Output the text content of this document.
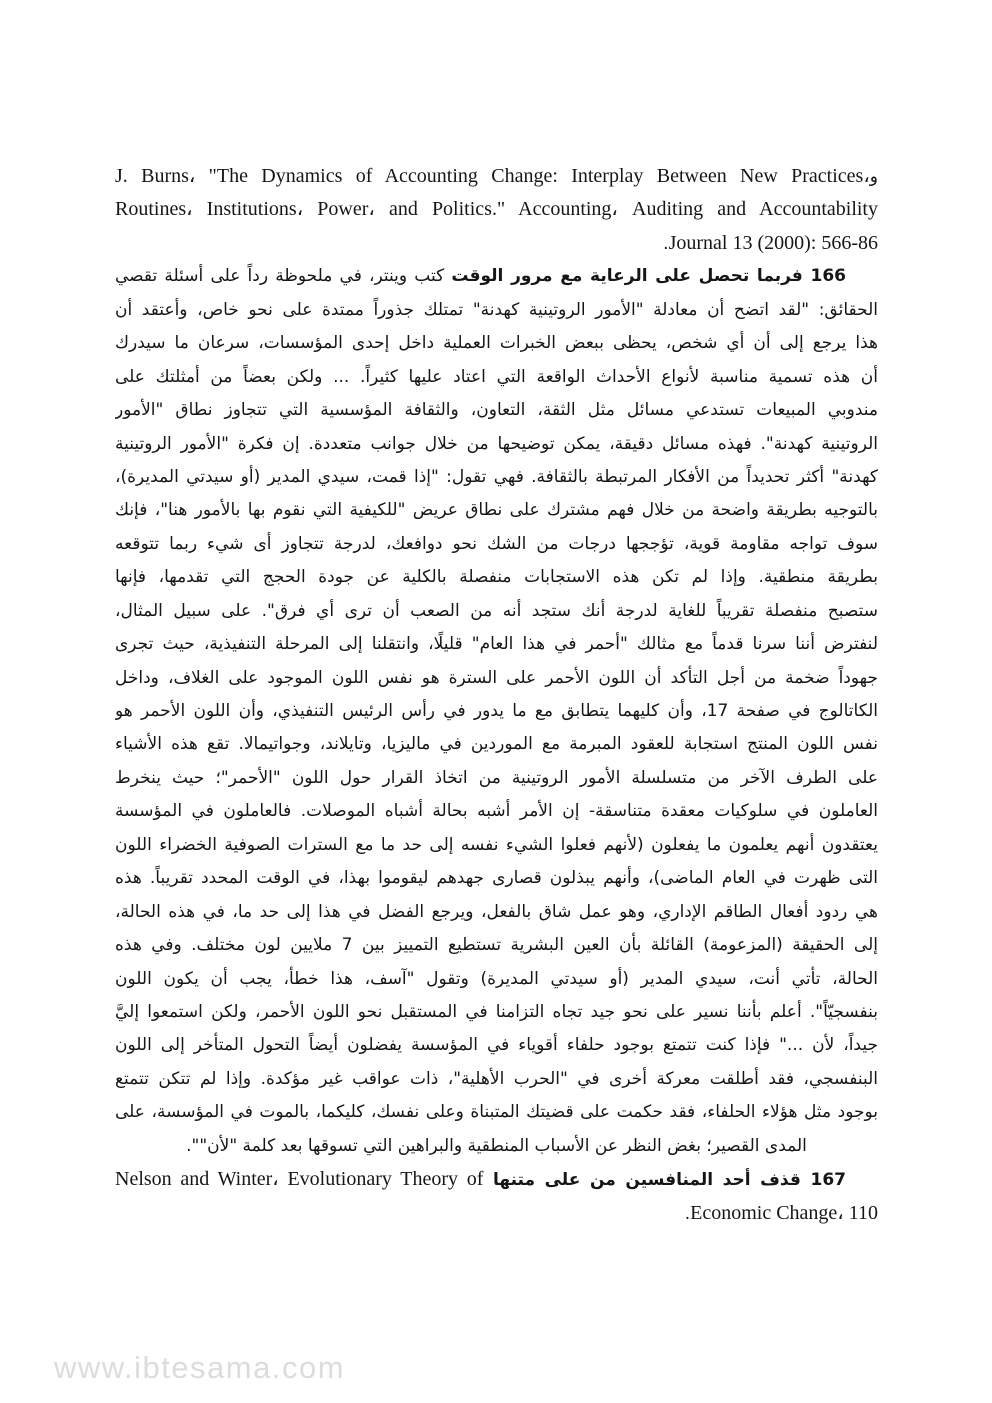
وJ. Burns، "The Dynamics of Accounting Change: Interplay Between New Practices،
Routines، Institutions، Power، and Politics." Accounting، Auditing and Accountability
Journal 13 (2000): 566-86.
166 فربما تحصل على الرعاية مع مرور الوقت كتب وينتر، في ملحوظة رداً على أسئلة تقصي
الحقائق: "لقد اتضح أن معادلة "الأمور الروتينية كهدنة" تمتلك جذوراً ممتدة على نحو خاص، وأعتقد أن
هذا يرجع إلى أن أي شخص، يحظى ببعض الخبرات العملية داخل إحدى المؤسسات، سرعان ما سيدرك
أن هذه تسمية مناسبة لأنواع الأحداث الواقعة التي اعتاد عليها كثيراً. ... ولكن بعضاً من أمثلتك على
مندوبي المبيعات تستدعي مسائل مثل الثقة، التعاون، والثقافة المؤسسية التي تتجاوز نطاق "الأمور
الروتينية كهدنة". فهذه مسائل دقيقة، يمكن توضيحها من خلال جوانب متعددة. إن فكرة "الأمور الروتينية
كهدنة" أكثر تحديداً من الأفكار المرتبطة بالثقافة. فهي تقول: "إذا قمت، سيدي المدير (أو سيدتي المديرة)،
بالتوجيه بطريقة واضحة من خلال فهم مشترك على نطاق عريض "للكيفية التي نقوم بها بالأمور هنا"، فإنك
سوف تواجه مقاومة قوية، تؤججها درجات من الشك نحو دوافعك، لدرجة تتجاوز أى شيء ربما تتوقعه
بطريقة منطقية. وإذا لم تكن هذه الاستجابات منفصلة بالكلية عن جودة الحجج التي تقدمها، فإنها
ستصبح منفصلة تقريباً للغاية لدرجة أنك ستجد أنه من الصعب أن ترى أي فرق". على سبيل المثال،
لنفترض أننا سرنا قدماً مع مثالك "أحمر في هذا العام" قليلًا، وانتقلنا إلى المرحلة التنفيذية، حيث تجرى
جهوداً ضخمة من أجل التأكد أن اللون الأحمر على السترة هو نفس اللون الموجود على الغلاف، وداخل
الكاتالوج في صفحة 17، وأن كليهما يتطابق مع ما يدور في رأس الرئيس التنفيذي، وأن اللون الأحمر هو
نفس اللون المنتج استجابة للعقود المبرمة مع الموردين في ماليزيا، وتايلاند، وجواتيمالا. تقع هذه الأشياء
على الطرف الآخر من متسلسلة الأمور الروتينية من اتخاذ القرار حول اللون "الأحمر"؛ حيث ينخرط
العاملون في سلوكيات معقدة متناسقة- إن الأمر أشبه بحالة أشباه الموصلات. فالعاملون في المؤسسة
يعتقدون أنهم يعلمون ما يفعلون (لأنهم فعلوا الشيء نفسه إلى حد ما مع السترات الصوفية الخضراء اللون
التى ظهرت في العام الماضى)، وأنهم يبذلون قصارى جهدهم ليقوموا بهذا، في الوقت المحدد تقريباً. هذه
هي ردود أفعال الطاقم الإداري، وهو عمل شاق بالفعل، ويرجع الفضل في هذا إلى حد ما، في هذه الحالة،
إلى الحقيقة (المزعومة) القائلة بأن العين البشرية تستطيع التمييز بين 7 ملايين لون مختلف. وفي هذه
الحالة، تأتي أنت، سيدي المدير (أو سيدتي المديرة) وتقول "آسف، هذا خطأ، يجب أن يكون اللون
بنفسجيّاً". أعلم بأننا نسير على نحو جيد تجاه التزامنا في المستقبل نحو اللون الأحمر، ولكن استمعوا إليَّ
جيداً، لأن ..." فإذا كنت تتمتع بوجود حلفاء أقوياء في المؤسسة يفضلون أيضاً التحول المتأخر إلى اللون
البنفسجي، فقد أطلقت معركة أخرى في "الحرب الأهلية"، ذات عواقب غير مؤكدة. وإذا لم تتكن تتمتع
بوجود مثل هؤلاء الحلفاء، فقد حكمت على قضيتك المتبناة وعلى نفسك، كليكما، بالموت في المؤسسة، على
المدى القصير؛ بغض النظر عن الأسباب المنطقية والبراهين التي تسوقها بعد كلمة "لأن"".
167 قذف أحد المنافسين من على متنها Nelson and Winter، Evolutionary Theory of
Economic Change، 110.
www.ibtesama.com
